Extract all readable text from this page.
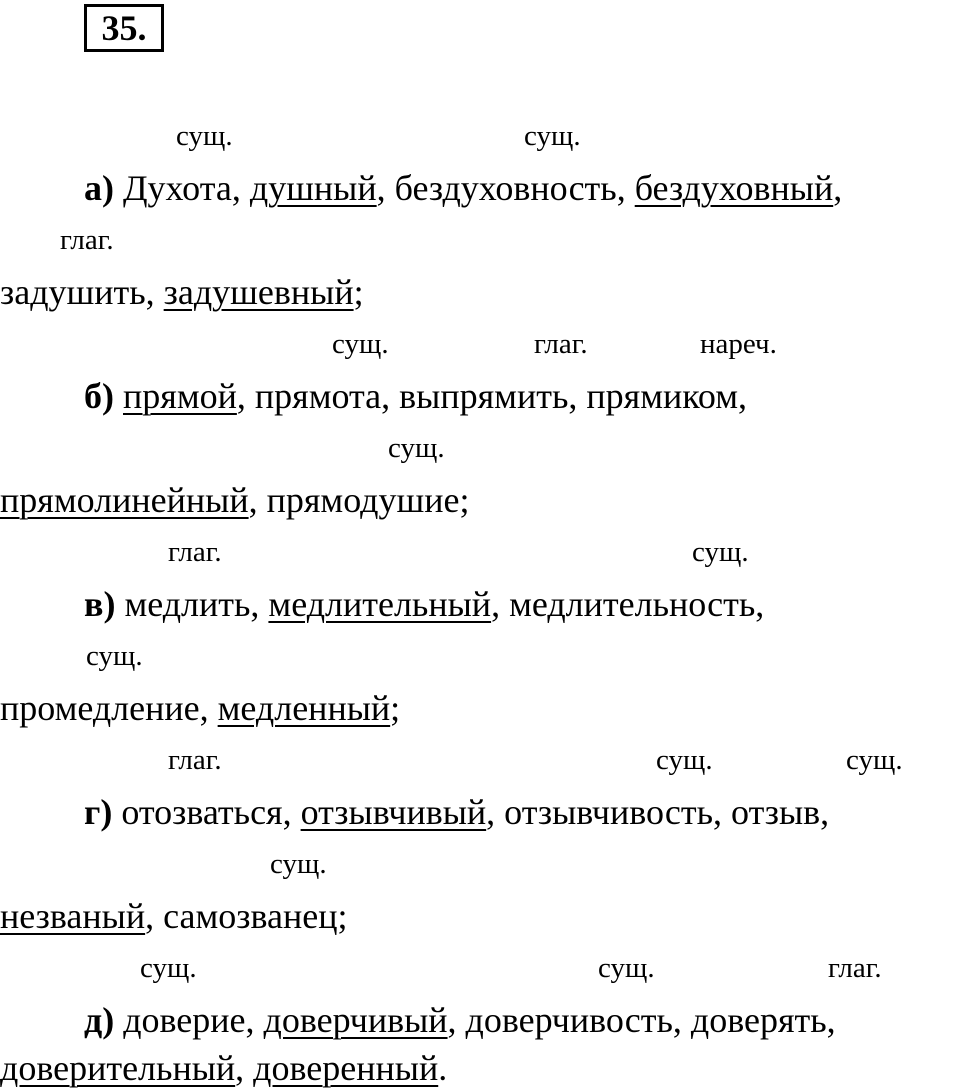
35.
сущ.	сущ.
а) Духота, душный, бездуховность, бездуховный,
глаг.
задушить, задушевный;
сущ.	глаг.	нареч.
б) прямой, прямота, выпрямить, прямиком,
сущ.
прямолинейный, прямодушие;
глаг.	сущ.
в) медлить, медлительный, медлительность,
сущ.
промедление, медленный;
глаг.	сущ.	сущ.
г) отозваться, отзывчивый, отзывчивость, отзыв,
сущ.
незваный, самозванец;
сущ.	сущ.	глаг.
д) доверие, доверчивый, доверчивость, доверять,
доверительный, доверенный.
